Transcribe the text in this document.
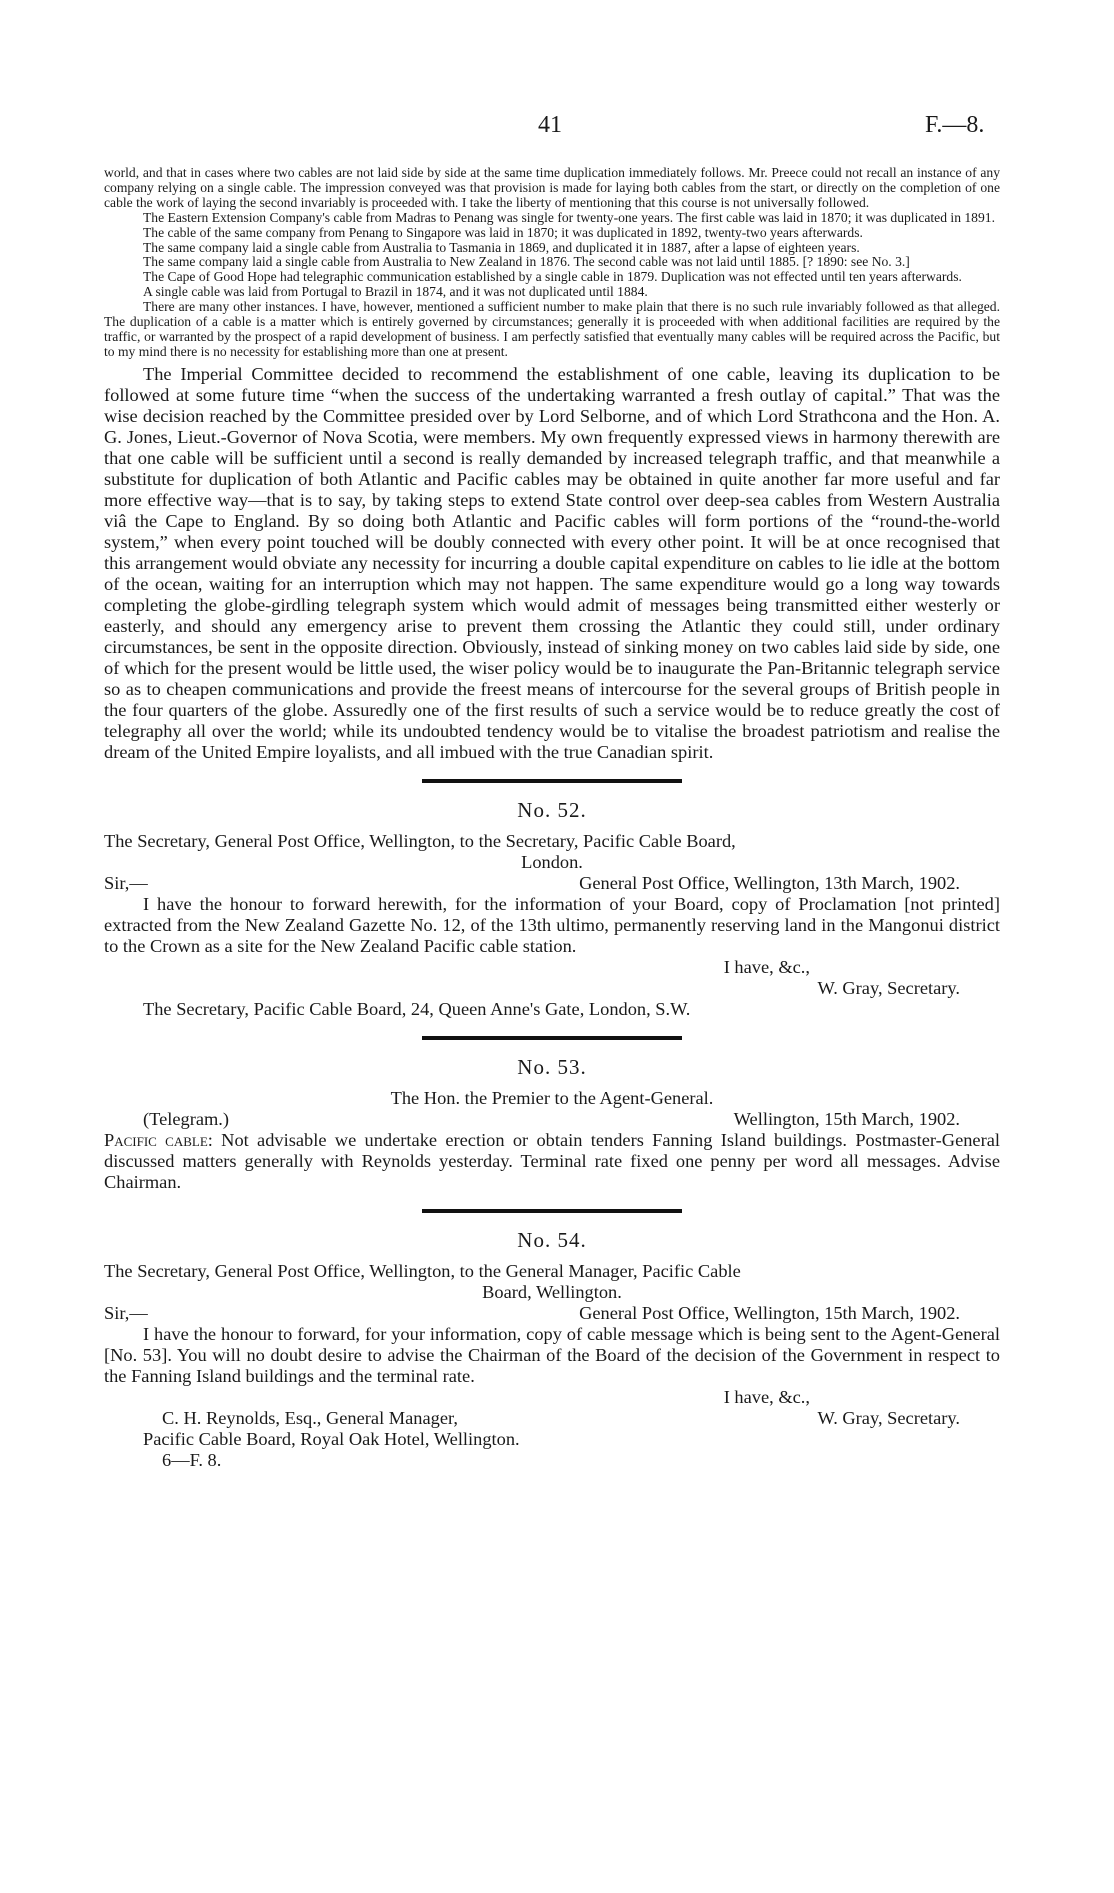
41	F.—8.

world, and that in cases where two cables are not laid side by side at the same time duplication immediately follows. Mr. Preece could not recall an instance of any company relying on a single cable. The impression conveyed was that provision is made for laying both cables from the start, or directly on the completion of one cable the work of laying the second invariably is proceeded with. I take the liberty of mentioning that this course is not universally followed.

The Eastern Extension Company's cable from Madras to Penang was single for twenty-one years. The first cable was laid in 1870; it was duplicated in 1891.

The cable of the same company from Penang to Singapore was laid in 1870; it was duplicated in 1892, twenty-two years afterwards.

The same company laid a single cable from Australia to Tasmania in 1869, and duplicated it in 1887, after a lapse of eighteen years.

The same company laid a single cable from Australia to New Zealand in 1876. The second cable was not laid until 1885. [? 1890: see No. 3.]

The Cape of Good Hope had telegraphic communication established by a single cable in 1879. Duplication was not effected until ten years afterwards.

A single cable was laid from Portugal to Brazil in 1874, and it was not duplicated until 1884.

There are many other instances. I have, however, mentioned a sufficient number to make plain that there is no such rule invariably followed as that alleged. The duplication of a cable is a matter which is entirely governed by circumstances; generally it is proceeded with when additional facilities are required by the traffic, or warranted by the prospect of a rapid development of business. I am perfectly satisfied that eventually many cables will be required across the Pacific, but to my mind there is no necessity for establishing more than one at present.

The Imperial Committee decided to recommend the establishment of one cable, leaving its duplication to be followed at some future time “when the success of the undertaking warranted a fresh outlay of capital.” That was the wise decision reached by the Committee presided over by Lord Selborne, and of which Lord Strathcona and the Hon. A. G. Jones, Lieut.-Governor of Nova Scotia, were members. My own frequently expressed views in harmony therewith are that one cable will be sufficient until a second is really demanded by increased telegraph traffic, and that meanwhile a substitute for duplication of both Atlantic and Pacific cables may be obtained in quite another far more useful and far more effective way—that is to say, by taking steps to extend State control over deep-sea cables from Western Australia viâ the Cape to England. By so doing both Atlantic and Pacific cables will form portions of the “round-the-world system,” when every point touched will be doubly connected with every other point. It will be at once recognised that this arrangement would obviate any necessity for incurring a double capital expenditure on cables to lie idle at the bottom of the ocean, waiting for an interruption which may not happen. The same expenditure would go a long way towards completing the globe-girdling telegraph system which would admit of messages being transmitted either westerly or easterly, and should any emergency arise to prevent them crossing the Atlantic they could still, under ordinary circumstances, be sent in the opposite direction. Obviously, instead of sinking money on two cables laid side by side, one of which for the present would be little used, the wiser policy would be to inaugurate the Pan-Britannic telegraph service so as to cheapen communications and provide the freest means of intercourse for the several groups of British people in the four quarters of the globe. Assuredly one of the first results of such a service would be to reduce greatly the cost of telegraphy all over the world; while its undoubted tendency would be to vitalise the broadest patriotism and realise the dream of the United Empire loyalists, and all imbued with the true Canadian spirit.

No. 52.

The Secretary, General Post Office, Wellington, to the Secretary, Pacific Cable Board,

London.

Sir,—	General Post Office, Wellington, 13th March, 1902.

I have the honour to forward herewith, for the information of your Board, copy of Proclamation [not printed] extracted from the New Zealand Gazette No. 12, of the 13th ultimo, permanently reserving land in the Mangonui district to the Crown as a site for the New Zealand Pacific cable station.

I have, &c.,
W. Gray, Secretary.
The Secretary, Pacific Cable Board, 24, Queen Anne's Gate, London, S.W.
No. 53.

The Hon. the Premier to the Agent-General.

(Telegram.)	Wellington, 15th March, 1902.

Pacific cable: Not advisable we undertake erection or obtain tenders Fanning Island buildings. Postmaster-General discussed matters generally with Reynolds yesterday. Terminal rate fixed one penny per word all messages. Advise Chairman.

No. 54.

The Secretary, General Post Office, Wellington, to the General Manager, Pacific Cable

Board, Wellington.

Sir,—	General Post Office, Wellington, 15th March, 1902.

I have the honour to forward, for your information, copy of cable message which is being sent to the Agent-General [No. 53]. You will no doubt desire to advise the Chairman of the Board of the decision of the Government in respect to the Fanning Island buildings and the terminal rate.

I have, &c.,
C. H. Reynolds, Esq., General Manager,	W. Gray, Secretary.
Pacific Cable Board, Royal Oak Hotel, Wellington.
6—F. 8.
